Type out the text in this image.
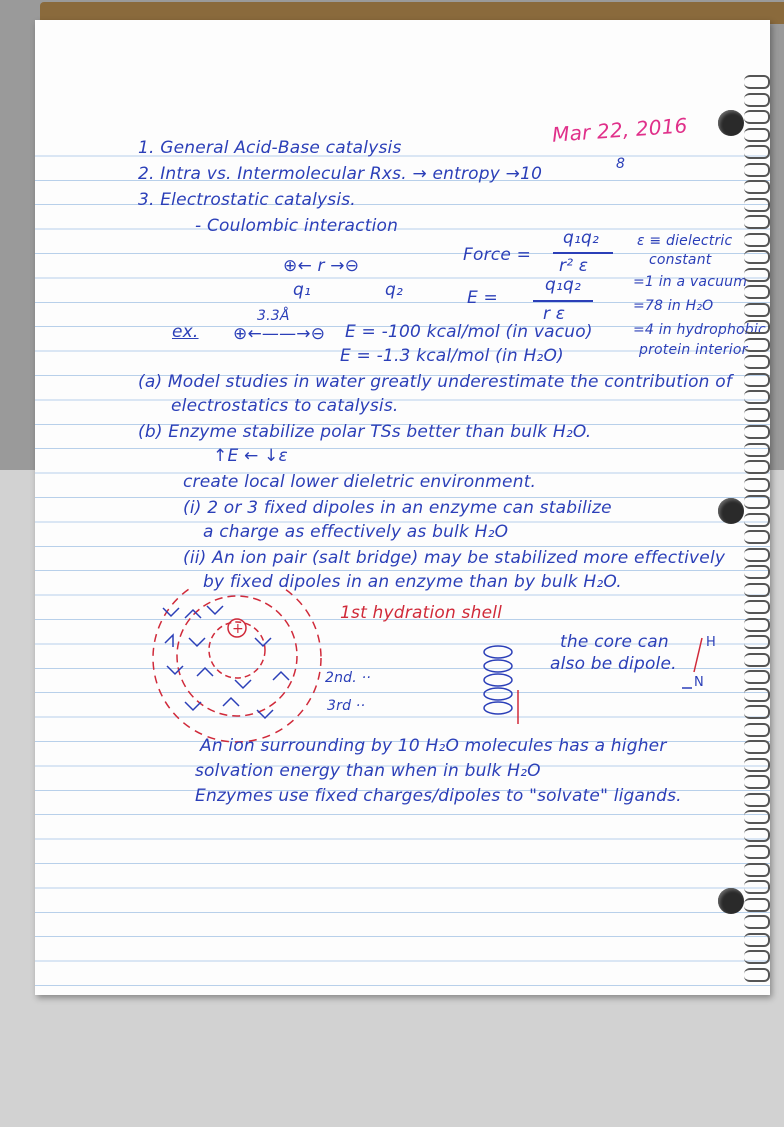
Mar 22, 2016
1. General Acid-Base catalysis
2. Intra vs. Intermolecular Rxs. → entropy →10	8
3. Electrostatic catalysis.
- Coulombic interaction
Force =
q₁q₂
r² ε
E =
q₁q₂
r ε
⊕← r →⊖
q₁	q₂
ε ≡ dielectric
constant
=1 in a vacuum
=78 in H₂O
=4 in hydrophobic
protein interior
ex.
3.3Å
⊕←——→⊖ E = -100 kcal/mol (in vacuo)
E = -1.3 kcal/mol (in H₂O)
(a) Model studies in water greatly underestimate the contribution of
electrostatics to catalysis.
(b) Enzyme stabilize polar TSs better than bulk H₂O.
↑E ← ↓ε
create local lower dieletric environment.
(i) 2 or 3 fixed dipoles in an enzyme can stabilize
a charge as effectively as bulk H₂O
(ii) An ion pair (salt bridge) may be stabilized more effectively
by fixed dipoles in an enzyme than by bulk H₂O.
+
1st hydration shell
2nd. ··
3rd ··
the core can
also be dipole.
H
N
An ion surrounding by 10 H₂O molecules has a higher
solvation energy than when in bulk H₂O
Enzymes use fixed charges/dipoles to "solvate" ligands.
